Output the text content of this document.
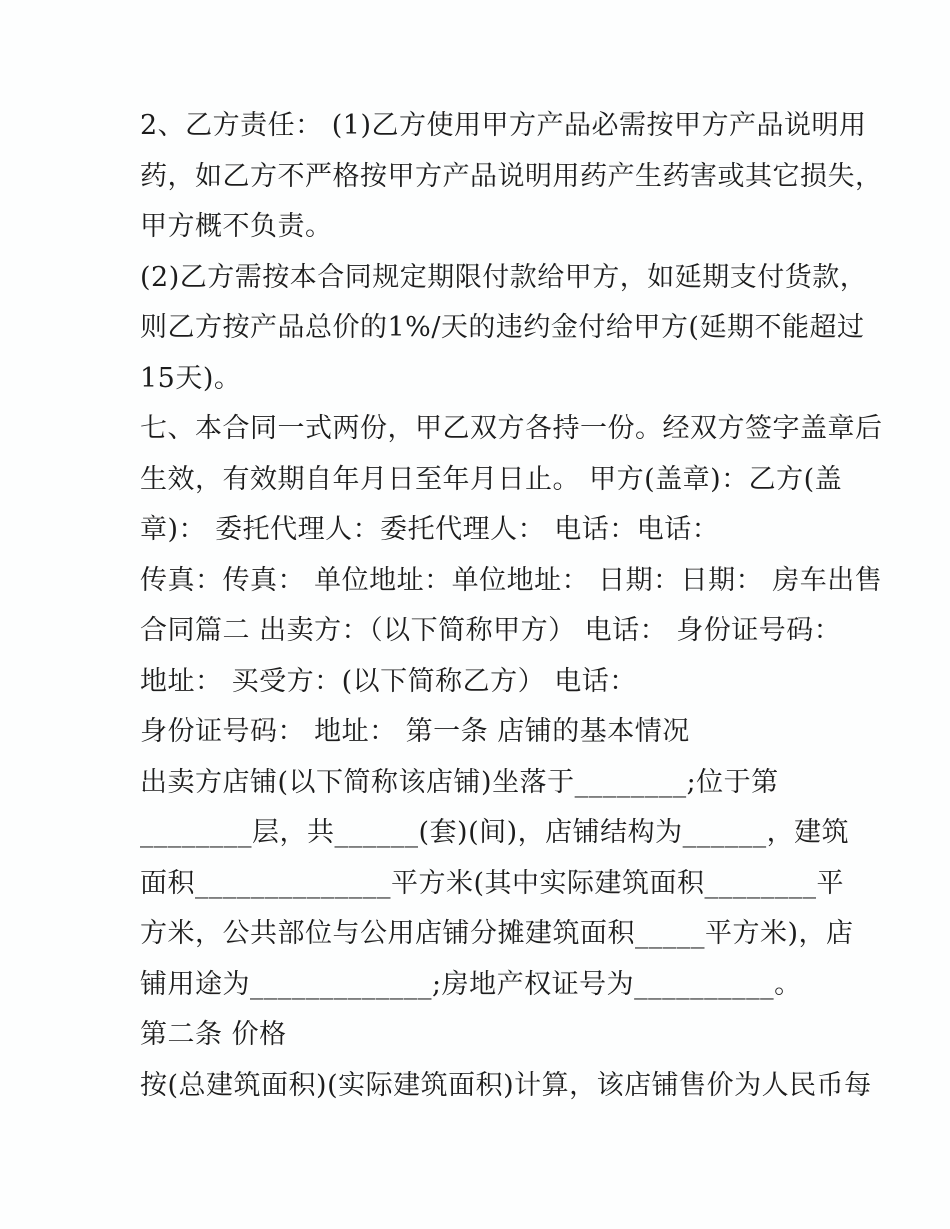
2、乙方责任： (1)乙方使用甲方产品必需按甲方产品说明用

药，如乙方不严格按甲方产品说明用药产生药害或其它损失，

甲方概不负责。

(2)乙方需按本合同规定期限付款给甲方，如延期支付货款，

则乙方按产品总价的1%/天的违约金付给甲方(延期不能超过

15天)。

七、本合同一式两份，甲乙双方各持一份。经双方签字盖章后

生效，有效期自年月日至年月日止。 甲方(盖章)：乙方(盖

章)： 委托代理人：委托代理人： 电话：电话：

传真：传真： 单位地址：单位地址： 日期：日期： 房车出售

合同篇二 出卖方：（以下简称甲方） 电话： 身份证号码：

地址： 买受方：(以下简称乙方） 电话：

身份证号码： 地址： 第一条 店铺的基本情况

出卖方店铺(以下简称该店铺)坐落于________;位于第

________层，共______(套)(间)，店铺结构为______，建筑

面积______________平方米(其中实际建筑面积________平

方米，公共部位与公用店铺分摊建筑面积_____平方米)，店

铺用途为_____________;房地产权证号为__________。

第二条 价格

按(总建筑面积)(实际建筑面积)计算，该店铺售价为人民币每
